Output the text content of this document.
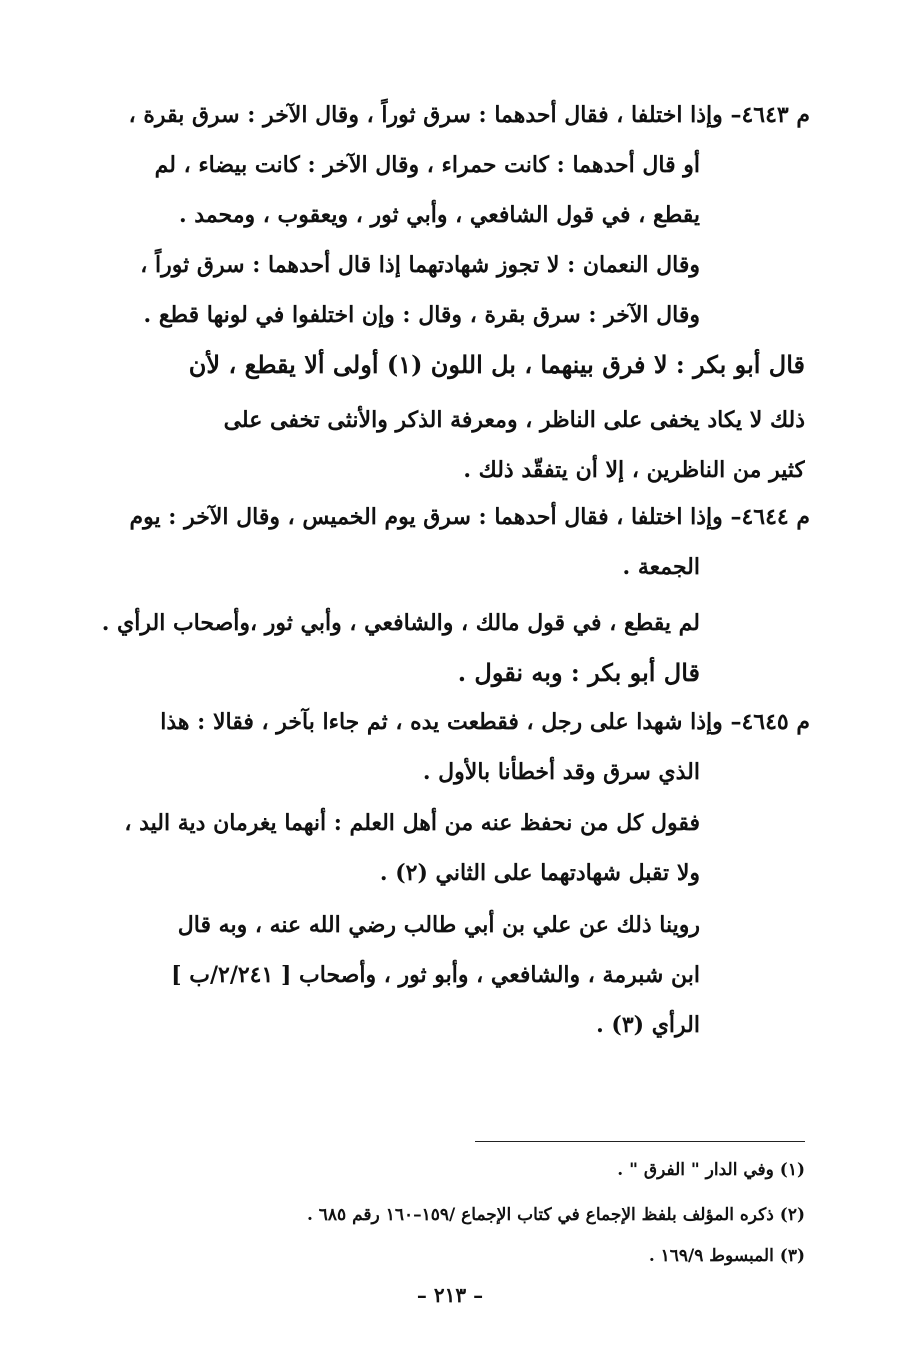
م ٤٦٤٣– وإذا اختلفا ، فقال أحدهما : سرق ثوراً ، وقال الآخر : سرق بقرة ،
أو قال أحدهما : كانت حمراء ، وقال الآخر : كانت بيضاء ، لم
يقطع ، في قول الشافعي ، وأبي ثور ، ويعقوب ، ومحمد .
وقال النعمان : لا تجوز شهادتهما إذا قال أحدهما : سرق ثوراً ،
وقال الآخر : سرق بقرة ، وقال : وإن اختلفوا في لونها قطع .
قال أبو بكر : لا فرق بينهما ، بل اللون (١) أولى ألا يقطع ، لأن
ذلك لا يكاد يخفى على الناظر ، ومعرفة الذكر والأنثى تخفى على
كثير من الناظرين ، إلا أن يتفقّد ذلك .
م ٤٦٤٤– وإذا اختلفا ، فقال أحدهما : سرق يوم الخميس ، وقال الآخر : يوم
الجمعة .
لم يقطع ، في قول مالك ، والشافعي ، وأبي ثور ،وأصحاب الرأي .
قال أبو بكر : وبه نقول .
م ٤٦٤٥– وإذا شهدا على رجل ، فقطعت يده ، ثم جاءا بآخر ، فقالا : هذا
الذي سرق وقد أخطأنا بالأول .
فقول كل من نحفظ عنه من أهل العلم : أنهما يغرمان دية اليد ،
ولا تقبل شهادتهما على الثاني (٢) .
روينا ذلك عن علي بن أبي طالب رضي الله عنه ، وبه قال
ابن شبرمة ، والشافعي ، وأبو ثور ، وأصحاب [ ٢/٢٤١/ب ]
الرأي (٣) .
(١) وفي الدار " الفرق " .
(٢) ذكره المؤلف بلفظ الإجماع في كتاب الإجماع /١٥٩–١٦٠ رقم ٦٨٥ .
(٣) المبسوط ١٦٩/٩ .
– ٢١٣ –
